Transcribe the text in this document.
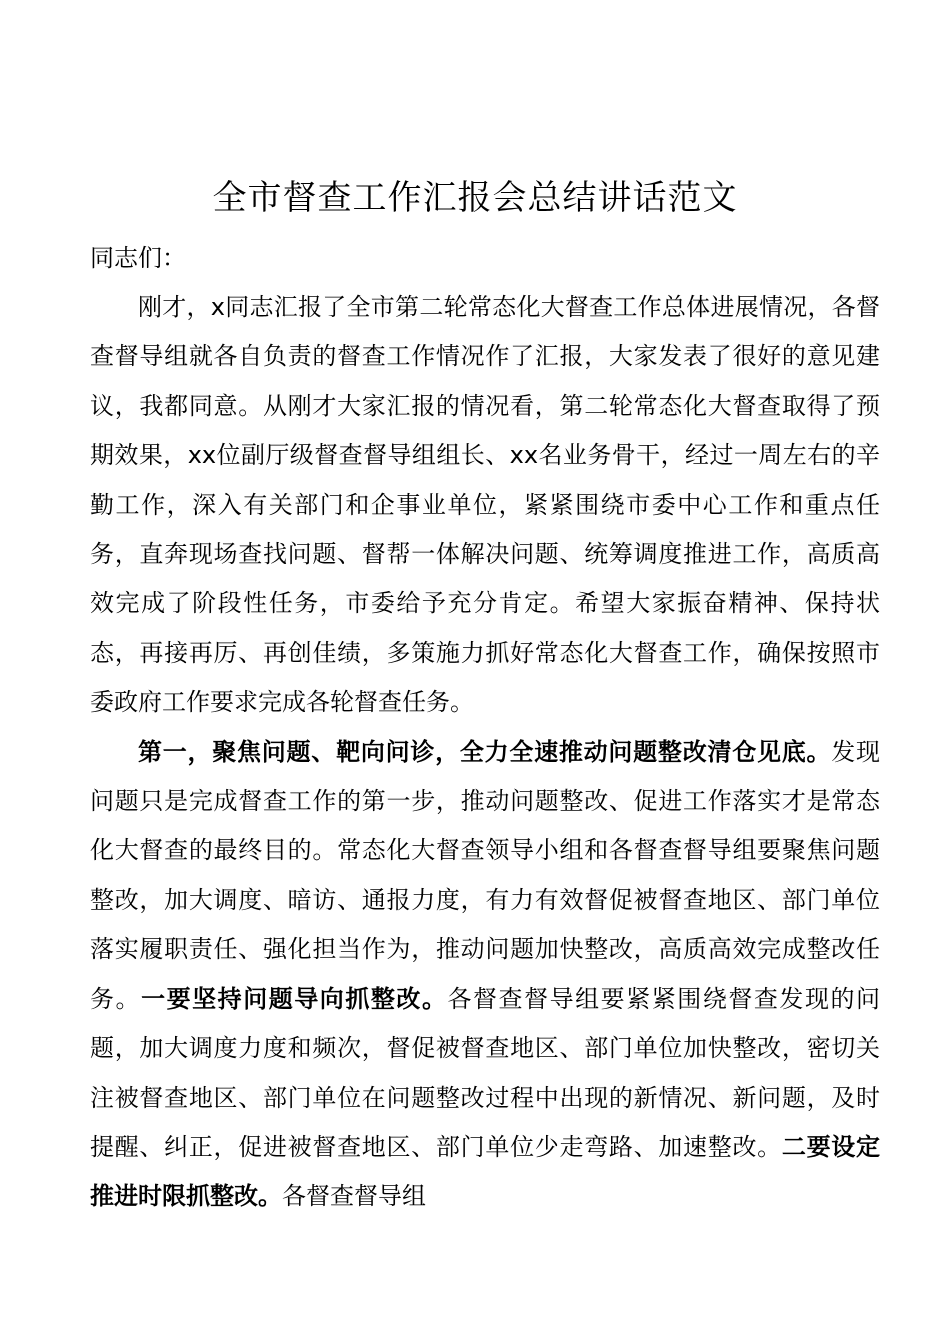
全市督查工作汇报会总结讲话范文

同志们：

刚才，x同志汇报了全市第二轮常态化大督查工作总体进展情况，各督查督导组就各自负责的督查工作情况作了汇报，大家发表了很好的意见建议，我都同意。从刚才大家汇报的情况看，第二轮常态化大督查取得了预期效果，xx位副厅级督查督导组组长、xx名业务骨干，经过一周左右的辛勤工作，深入有关部门和企事业单位，紧紧围绕市委中心工作和重点任务，直奔现场查找问题、督帮一体解决问题、统筹调度推进工作，高质高效完成了阶段性任务，市委给予充分肯定。希望大家振奋精神、保持状态，再接再厉、再创佳绩，多策施力抓好常态化大督查工作，确保按照市委政府工作要求完成各轮督查任务。

第一，聚焦问题、靶向问诊，全力全速推动问题整改清仓见底。发现问题只是完成督查工作的第一步，推动问题整改、促进工作落实才是常态化大督查的最终目的。常态化大督查领导小组和各督查督导组要聚焦问题整改，加大调度、暗访、通报力度，有力有效督促被督查地区、部门单位落实履职责任、强化担当作为，推动问题加快整改，高质高效完成整改任务。一要坚持问题导向抓整改。各督查督导组要紧紧围绕督查发现的问题，加大调度力度和频次，督促被督查地区、部门单位加快整改，密切关注被督查地区、部门单位在问题整改过程中出现的新情况、新问题，及时提醒、纠正，促进被督查地区、部门单位少走弯路、加速整改。二要设定推进时限抓整改。各督查督导组
